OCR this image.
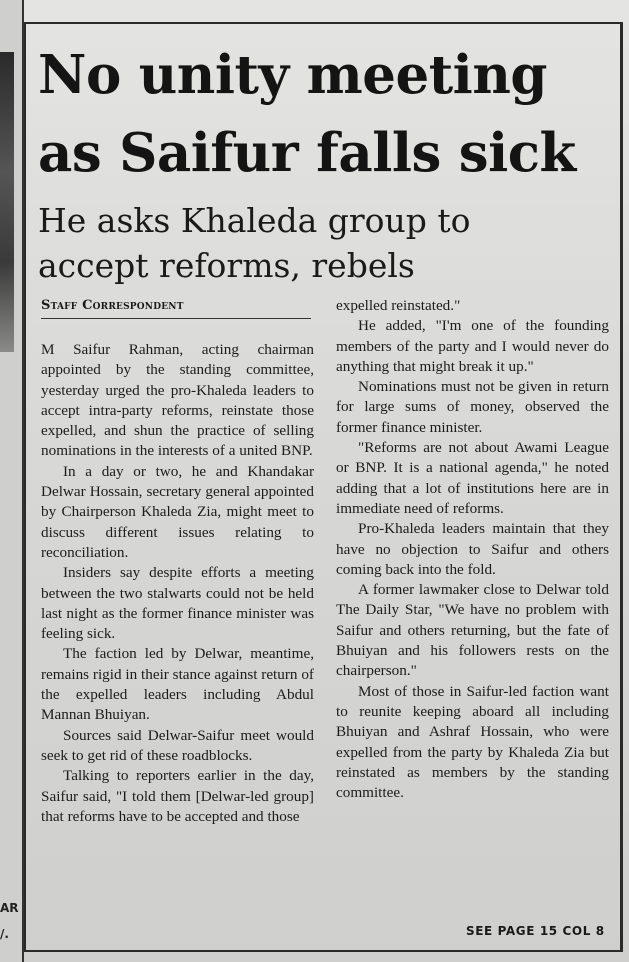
AR
/.
No unity meeting
as Saifur falls sick
He asks Khaleda group to
accept reforms, rebels
Staff Correspondent

M Saifur Rahman, acting chairman appointed by the standing committee, yesterday urged the pro-Khaleda leaders to accept intra-party reforms, reinstate those expelled, and shun the practice of selling nominations in the interests of a united BNP.

In a day or two, he and Khandakar Delwar Hossain, secretary general appointed by Chairperson Khaleda Zia, might meet to discuss different issues relating to reconciliation.

Insiders say despite efforts a meeting between the two stalwarts could not be held last night as the former finance minister was feeling sick.

The faction led by Delwar, meantime, remains rigid in their stance against return of the expelled leaders including Abdul Mannan Bhuiyan.

Sources said Delwar-Saifur meet would seek to get rid of these roadblocks.

Talking to reporters earlier in the day, Saifur said, "I told them [Delwar-led group] that reforms have to be accepted and those

expelled reinstated."

He added, "I'm one of the founding members of the party and I would never do anything that might break it up."

Nominations must not be given in return for large sums of money, observed the former finance minister.

"Reforms are not about Awami League or BNP. It is a national agenda," he noted adding that a lot of institutions here are in immediate need of reforms.

Pro-Khaleda leaders maintain that they have no objection to Saifur and others coming back into the fold.

A former lawmaker close to Delwar told The Daily Star, "We have no problem with Saifur and others returning, but the fate of Bhuiyan and his followers rests on the chairperson."

Most of those in Saifur-led faction want to reunite keeping aboard all including Bhuiyan and Ashraf Hossain, who were expelled from the party by Khaleda Zia but reinstated as members by the standing committee.

SEE PAGE 15 COL 8
